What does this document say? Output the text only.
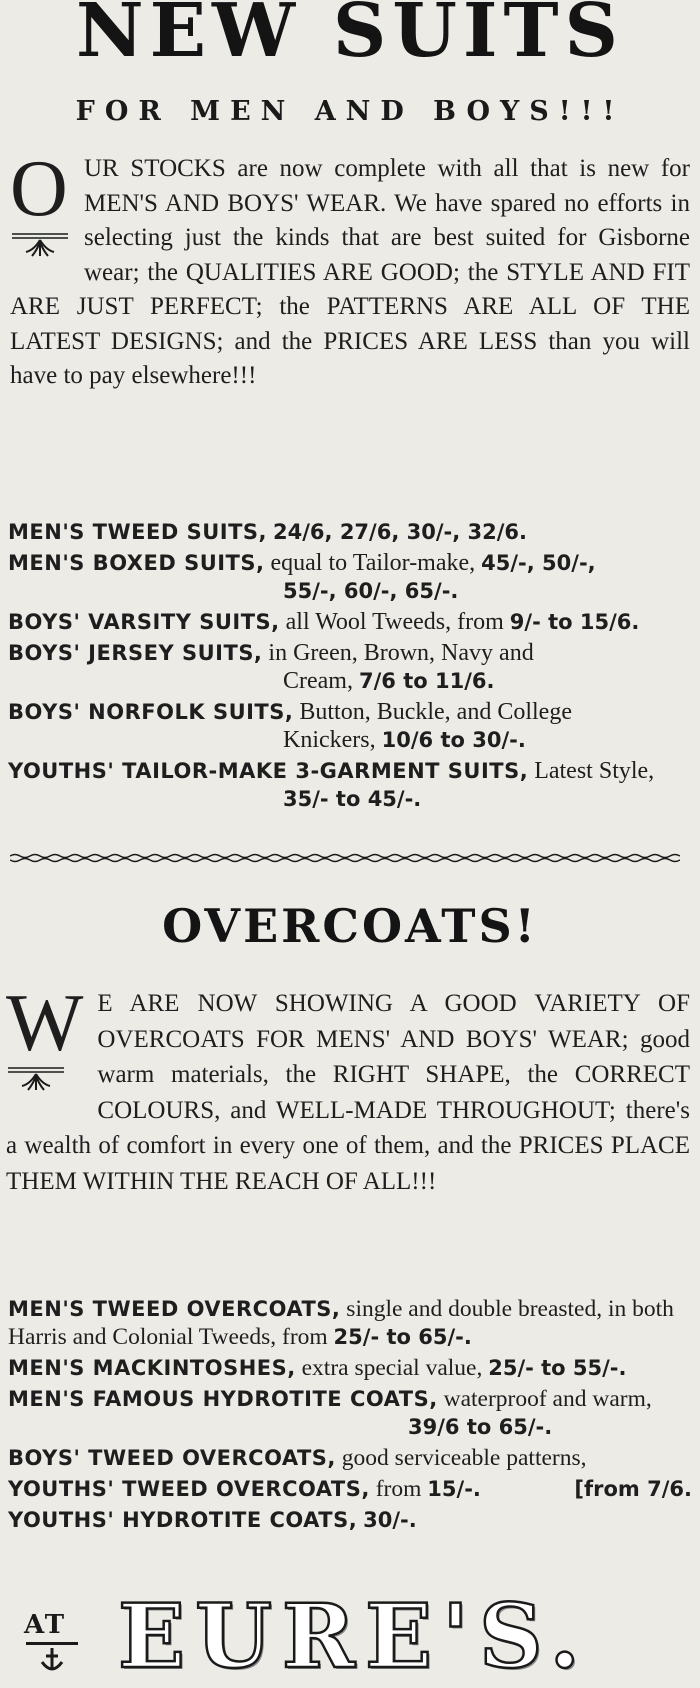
NEW SUITS
FOR MEN AND BOYS!!!
O UR STOCKS are now complete with all that is new for MEN'S AND BOYS' WEAR. We have spared no efforts in selecting just the kinds that are best suited for Gisborne wear; the QUALITIES ARE GOOD; the STYLE AND FIT ARE JUST PERFECT; the PATTERNS ARE ALL OF THE LATEST DESIGNS; and the PRICES ARE LESS than you will have to pay elsewhere!!!
MEN'S TWEED SUITS, 24/6, 27/6, 30/-, 32/6.
MEN'S BOXED SUITS, equal to Tailor-make, 45/-, 50/-,
55/-, 60/-, 65/-.
BOYS' VARSITY SUITS, all Wool Tweeds, from 9/- to 15/6.
BOYS' JERSEY SUITS, in Green, Brown, Navy and
Cream, 7/6 to 11/6.
BOYS' NORFOLK SUITS, Button, Buckle, and College
Knickers, 10/6 to 30/-.
YOUTHS' TAILOR-MAKE 3-GARMENT SUITS, Latest Style,
35/- to 45/-.
OVERCOATS!
W E ARE NOW SHOWING A GOOD VARIETY OF OVERCOATS FOR MENS' AND BOYS' WEAR; good warm materials, the RIGHT SHAPE, the CORRECT COLOURS, and WELL-MADE THROUGHOUT; there's a wealth of comfort in every one of them, and the PRICES PLACE THEM WITHIN THE REACH OF ALL!!!
MEN'S TWEED OVERCOATS, single and double breasted, in both Harris and Colonial Tweeds, from 25/- to 65/-.
MEN'S MACKINTOSHES, extra special value, 25/- to 55/-.
MEN'S FAMOUS HYDROTITE COATS, waterproof and warm,
39/6 to 65/-.
BOYS' TWEED OVERCOATS, good serviceable patterns,
YOUTHS' TWEED OVERCOATS, from 15/-.	[from 7/6.
YOUTHS' HYDROTITE COATS, 30/-.
AT EURE'S.
